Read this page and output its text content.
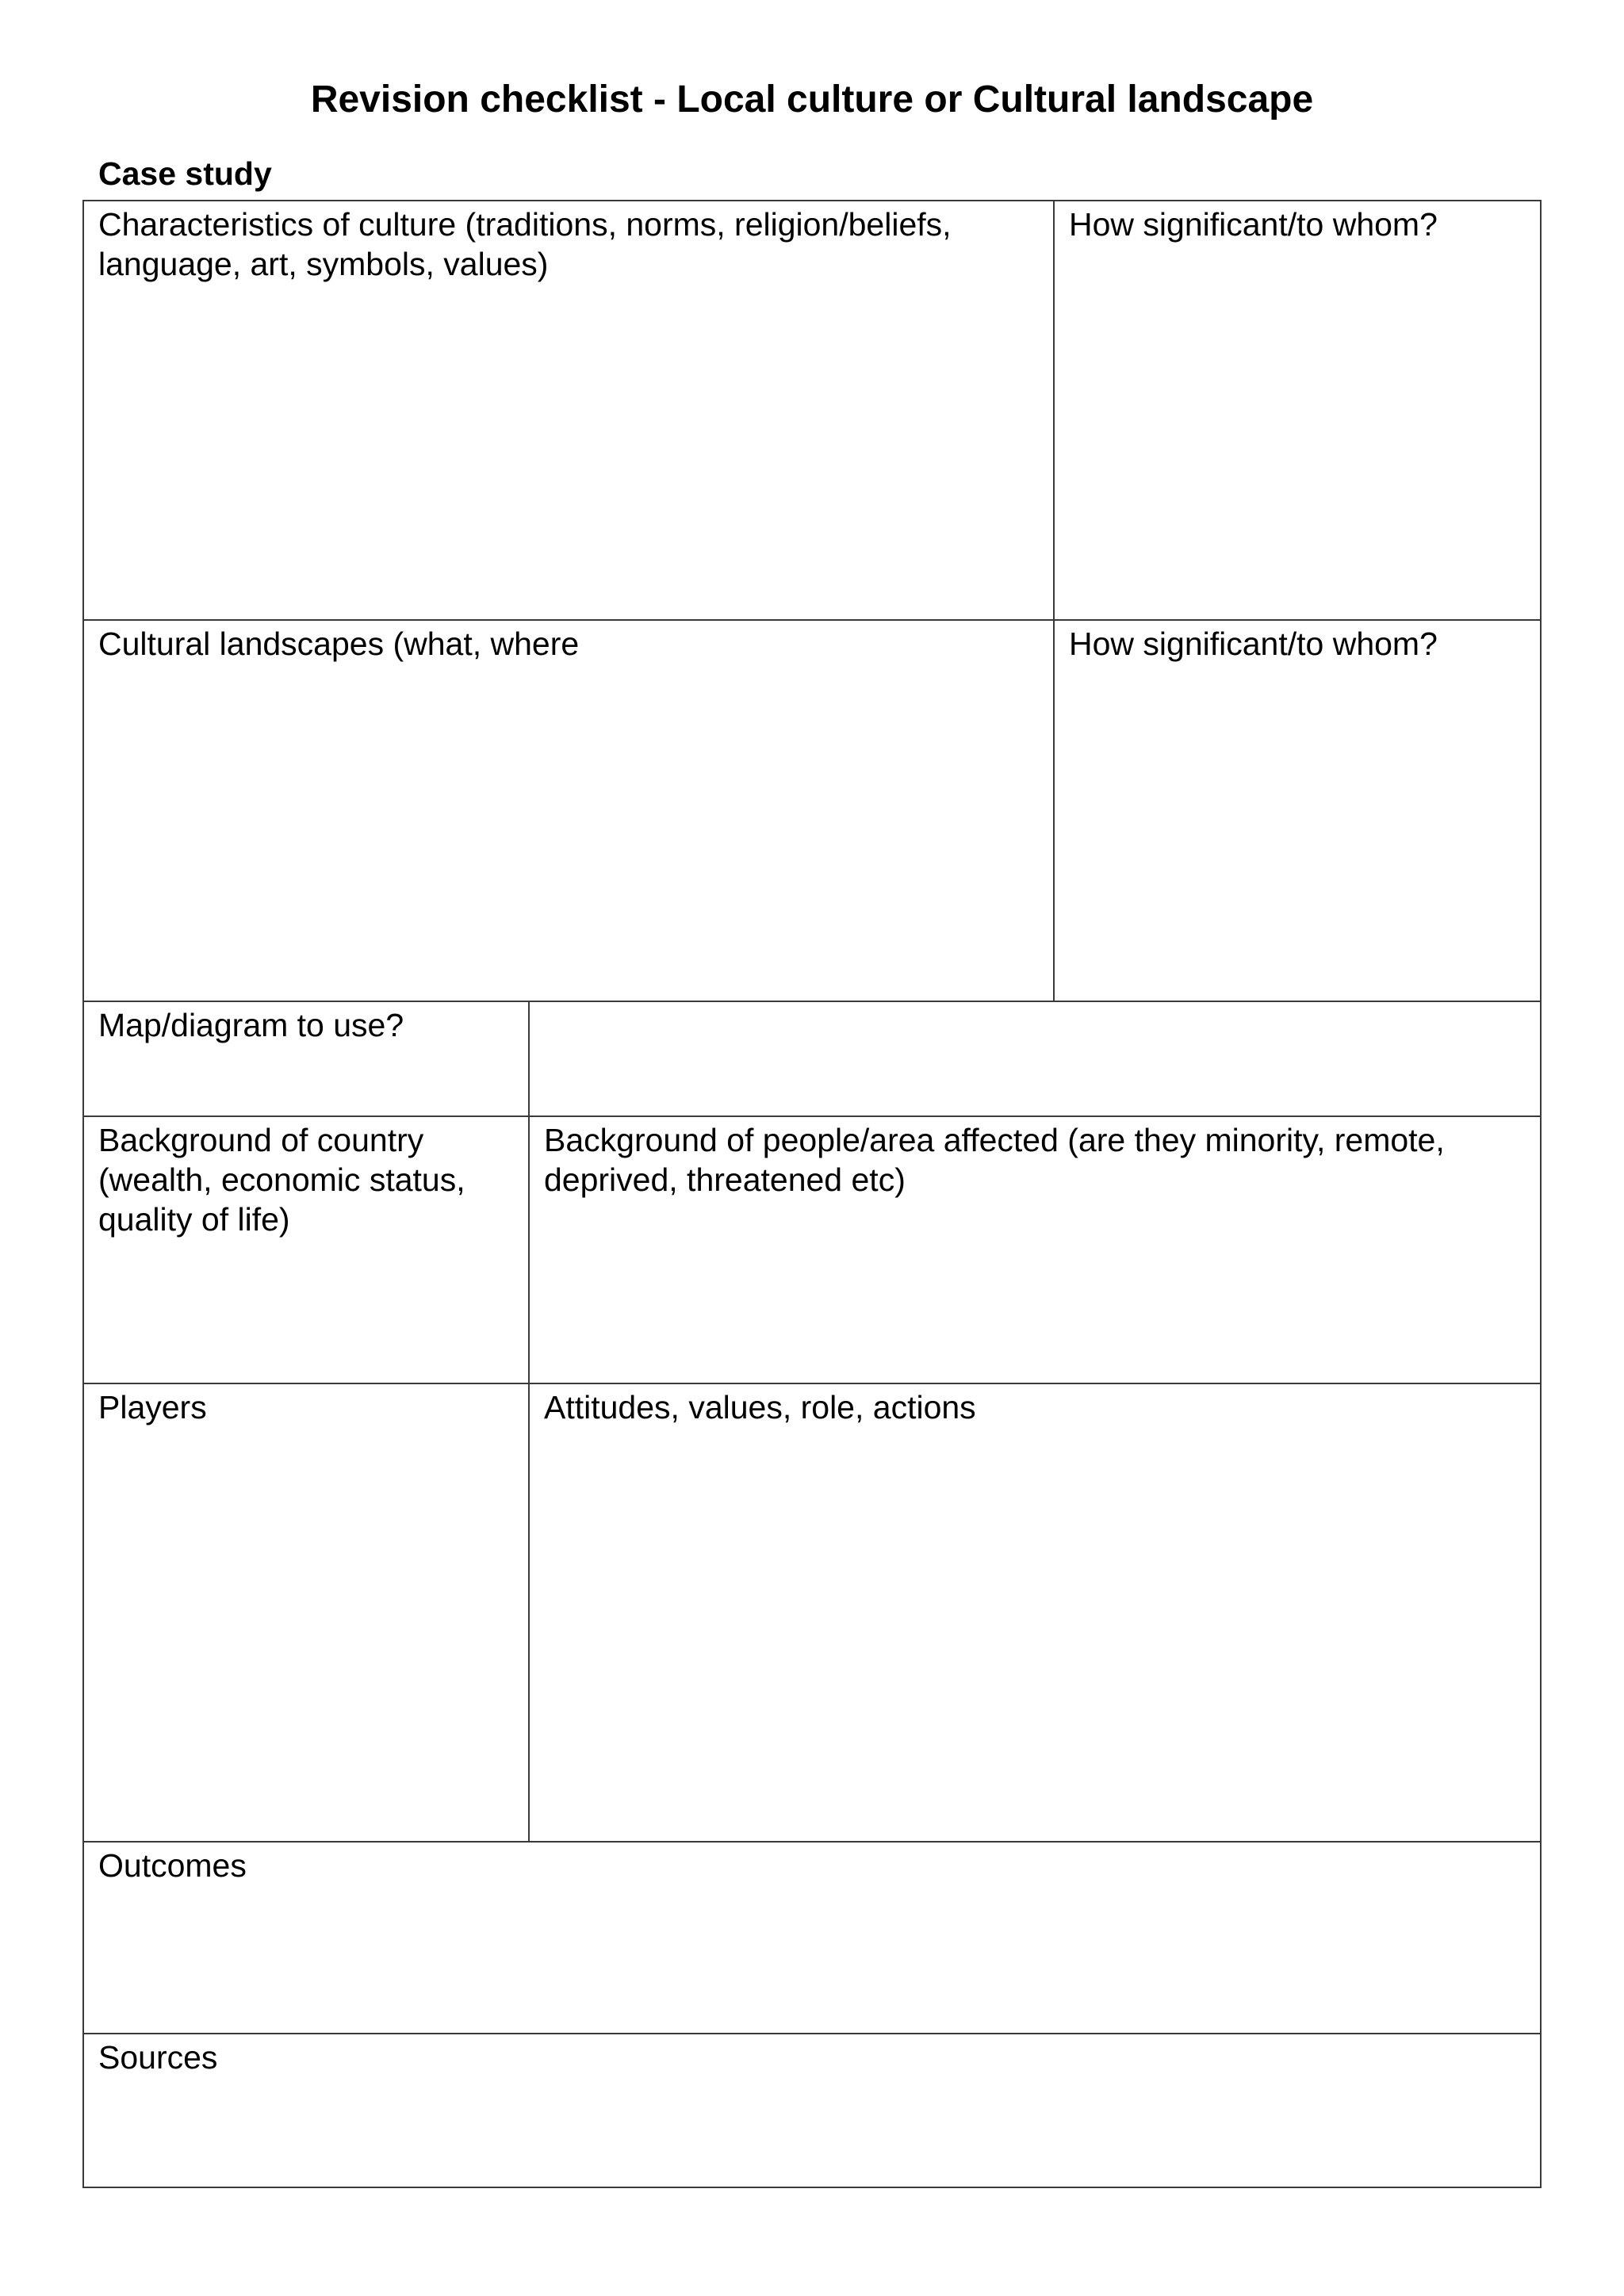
Revision checklist - Local culture or Cultural landscape
Case study
Characteristics of culture (traditions, norms, religion/beliefs,
language, art, symbols, values)
How significant/to whom?
Cultural landscapes (what, where	How significant/to whom?
Map/diagram to use?
Background of country
(wealth, economic status,
quality of life)
Background of people/area affected (are they minority, remote,
deprived, threatened etc)
Players	Attitudes, values, role, actions
Outcomes
Sources
